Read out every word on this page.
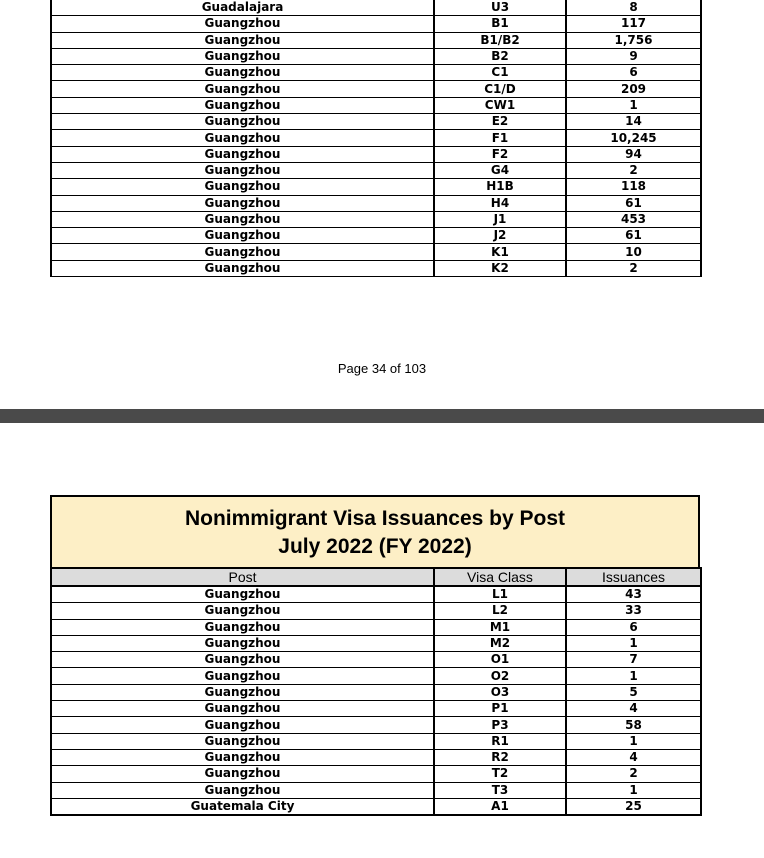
Guadalajara	U3	8
Guangzhou	B1	117
Guangzhou	B1/B2	1,756
Guangzhou	B2	9
Guangzhou	C1	6
Guangzhou	C1/D	209
Guangzhou	CW1	1
Guangzhou	E2	14
Guangzhou	F1	10,245
Guangzhou	F2	94
Guangzhou	G4	2
Guangzhou	H1B	118
Guangzhou	H4	61
Guangzhou	J1	453
Guangzhou	J2	61
Guangzhou	K1	10
Guangzhou	K2	2
Page 34 of 103
Nonimmigrant Visa Issuances by Post
July 2022 (FY 2022)
Post	Visa Class	Issuances
Guangzhou	L1	43
Guangzhou	L2	33
Guangzhou	M1	6
Guangzhou	M2	1
Guangzhou	O1	7
Guangzhou	O2	1
Guangzhou	O3	5
Guangzhou	P1	4
Guangzhou	P3	58
Guangzhou	R1	1
Guangzhou	R2	4
Guangzhou	T2	2
Guangzhou	T3	1
Guatemala City	A1	25
